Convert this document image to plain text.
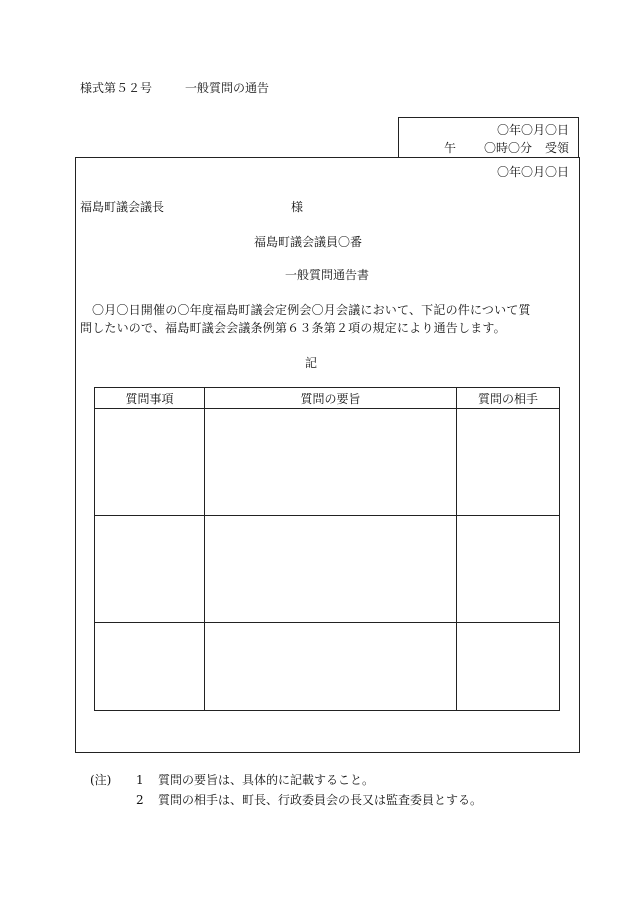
様式第５２号	一般質問の通告
〇年〇月〇日
午 〇時〇分 受領
〇年〇月〇日
福島町議会議長	様
福島町議会議員〇番
一般質問通告書
〇月〇日開催の〇年度福島町議会定例会〇月会議において、下記の件について質
問したいので、福島町議会会議条例第６３条第２項の規定により通告します。
記
質問事項	質問の要旨	質問の相手

(注) 1 質問の要旨は、具体的に記載すること。
2 質問の相手は、町長、行政委員会の長又は監査委員とする。
